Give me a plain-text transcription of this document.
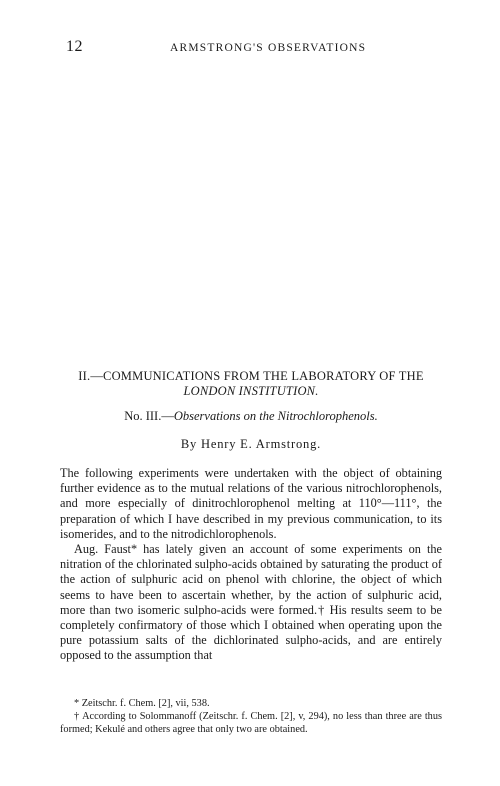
12	ARMSTRONG'S OBSERVATIONS
II.—COMMUNICATIONS FROM THE LABORATORY OF THE
LONDON INSTITUTION.
No. III.—Observations on the Nitrochlorophenols.
By Henry E. Armstrong.

The following experiments were undertaken with the object of obtaining further evidence as to the mutual relations of the various nitrochlorophenols, and more especially of dinitrochlorophenol melting at 110°—111°, the preparation of which I have described in my previous communication, to its isomerides, and to the nitrodichlorophenols.

Aug. Faust* has lately given an account of some experiments on the nitration of the chlorinated sulpho-acids obtained by saturating the product of the action of sulphuric acid on phenol with chlorine, the object of which seems to have been to ascertain whether, by the action of sulphuric acid, more than two isomeric sulpho-acids were formed.† His results seem to be completely confirmatory of those which I obtained when operating upon the pure potassium salts of the dichlorinated sulpho-acids, and are entirely opposed to the assumption that

* Zeitschr. f. Chem. [2], vii, 538.

† According to Solommanoff (Zeitschr. f. Chem. [2], v, 294), no less than three are thus formed; Kekulé and others agree that only two are obtained.
